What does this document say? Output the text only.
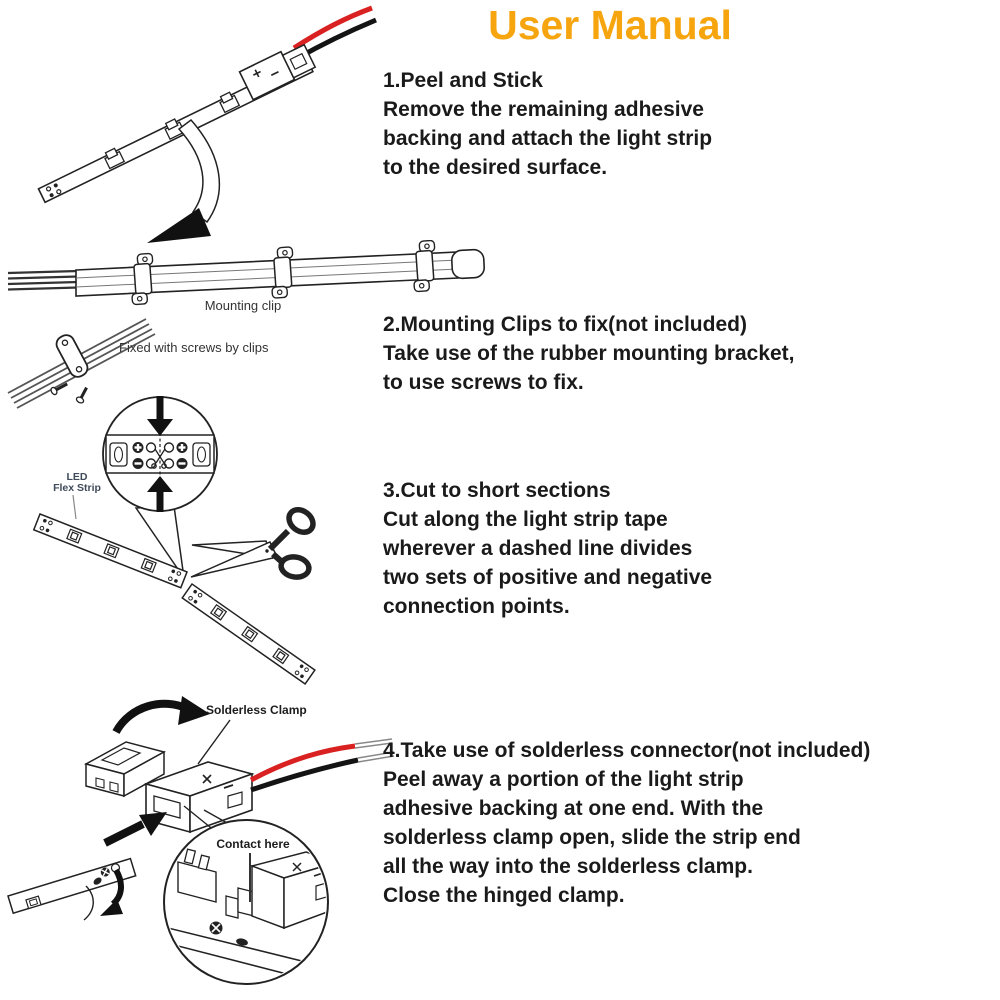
User Manual
Mounting clip
Fixed with screws by clips
LED
Flex Strip
Solderless Clamp
Contact here
1.Peel and Stick
Remove the remaining adhesive
backing and attach the light strip
to the desired surface.
2.Mounting Clips to fix(not included)
Take use of the rubber mounting bracket,
to use screws to fix.
3.Cut to short sections
Cut along the light strip tape
wherever a dashed line divides
two sets of positive and negative
connection points.
4.Take use of solderless connector(not included)
Peel away a portion of the light strip
adhesive backing at one end. With the
solderless clamp open, slide the strip end
all the way into the solderless clamp.
Close the hinged clamp.
